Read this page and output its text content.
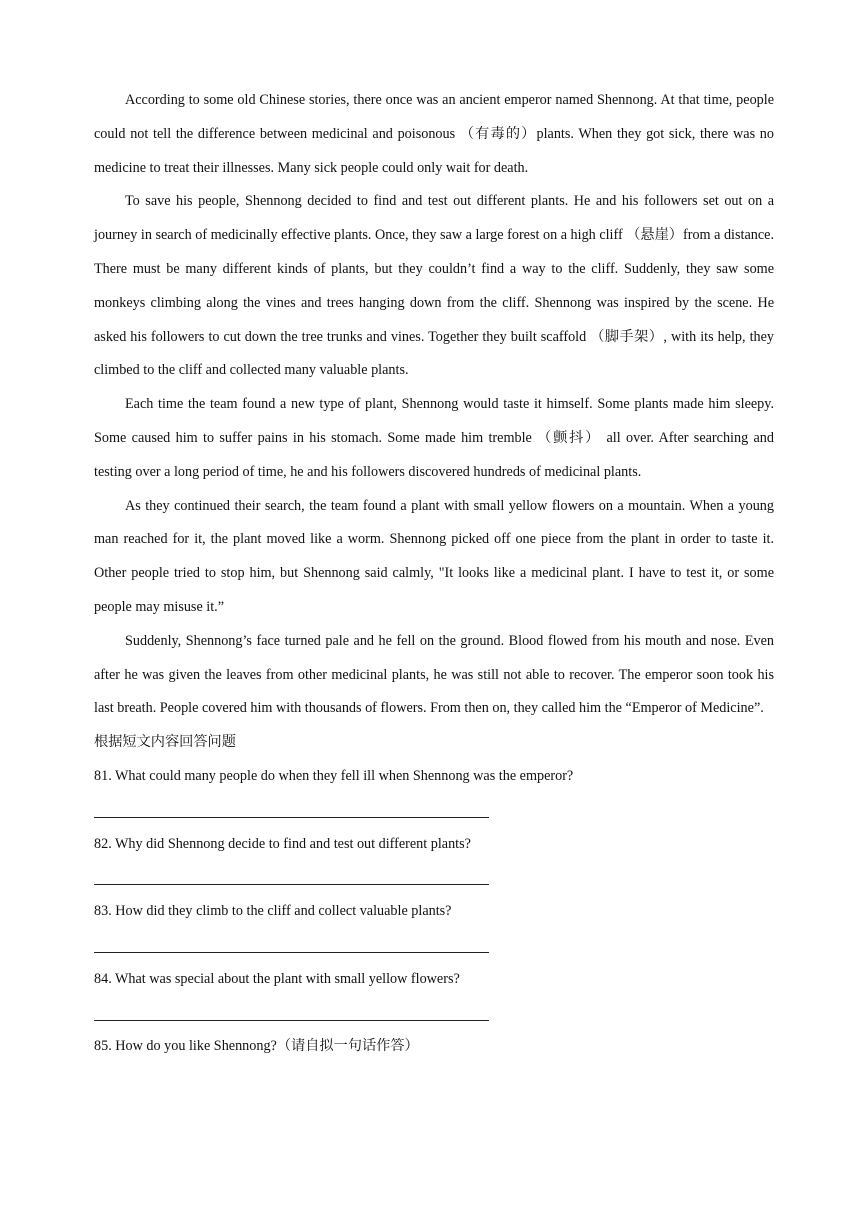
According to some old Chinese stories, there once was an ancient emperor named Shennong. At that time, people could not tell the difference between medicinal and poisonous （有毒的）plants. When they got sick, there was no medicine to treat their illnesses. Many sick people could only wait for death.

To save his people, Shennong decided to find and test out different plants. He and his followers set out on a journey in search of medicinally effective plants. Once, they saw a large forest on a high cliff （悬崖）from a distance. There must be many different kinds of plants, but they couldn’t find a way to the cliff. Suddenly, they saw some monkeys climbing along the vines and trees hanging down from the cliff. Shennong was inspired by the scene. He asked his followers to cut down the tree trunks and vines. Together they built scaffold （脚手架）, with its help, they climbed to the cliff and collected many valuable plants.

Each time the team found a new type of plant, Shennong would taste it himself. Some plants made him sleepy. Some caused him to suffer pains in his stomach. Some made him tremble （颤抖） all over. After searching and testing over a long period of time, he and his followers discovered hundreds of medicinal plants.

As they continued their search, the team found a plant with small yellow flowers on a mountain. When a young man reached for it, the plant moved like a worm. Shennong picked off one piece from the plant in order to taste it. Other people tried to stop him, but Shennong said calmly, "It looks like a medicinal plant. I have to test it, or some people may misuse it.”

Suddenly, Shennong’s face turned pale and he fell on the ground. Blood flowed from his mouth and nose. Even after he was given the leaves from other medicinal plants, he was still not able to recover. The emperor soon took his last breath. People covered him with thousands of flowers. From then on, they called him the “Emperor of Medicine”.

根据短文内容回答问题

81. What could many people do when they fell ill when Shennong was the emperor?

82. Why did Shennong decide to find and test out different plants?

83. How did they climb to the cliff and collect valuable plants?

84. What was special about the plant with small yellow flowers?

85. How do you like Shennong?（请自拟一句话作答）
